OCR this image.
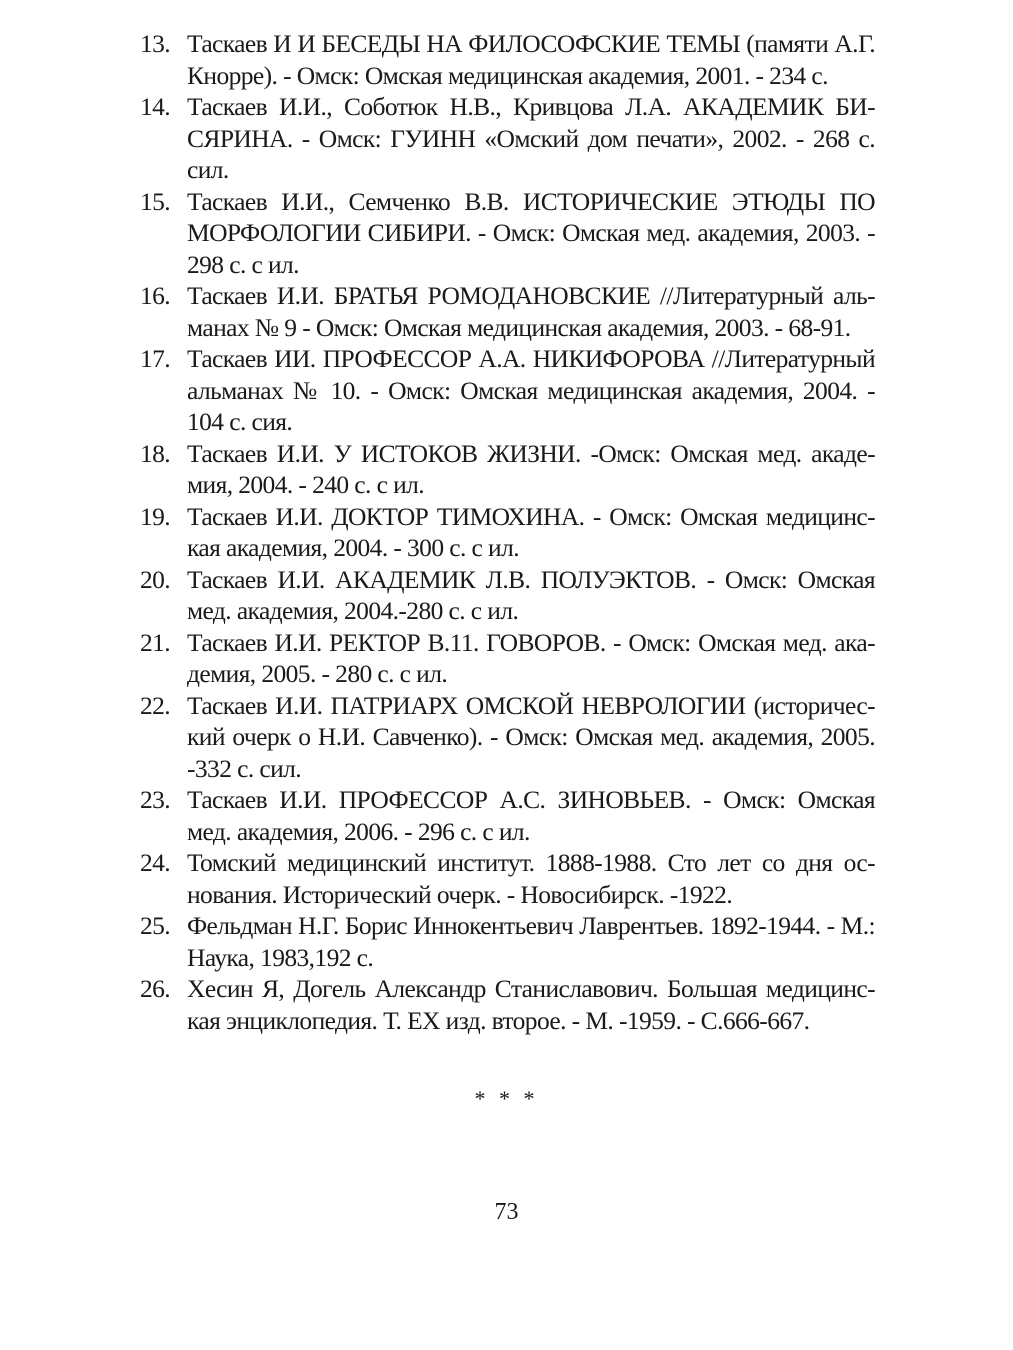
13. Таскаев И И БЕСЕДЫ НА ФИЛОСОФСКИЕ ТЕМЫ (памяти А.Г. Кнорре). - Омск: Омская медицинская академия, 2001. - 234 с.
14. Таскаев И.И., Соботюк Н.В., Кривцова Л.А. АКАДЕМИК БИ-СЯРИНА. - Омск: ГУИНН «Омский дом печати», 2002. - 268 с. сил.
15. Таскаев И.И., Семченко В.В. ИСТОРИЧЕСКИЕ ЭТЮДЫ ПО МОРФОЛОГИИ СИБИРИ. - Омск: Омская мед. академия, 2003. - 298 с. с ил.
16. Таскаев И.И. БРАТЬЯ РОМОДАНОВСКИЕ //Литературный аль-манах № 9 - Омск: Омская медицинская академия, 2003. - 68-91.
17. Таскаев ИИ. ПРОФЕССОР А.А. НИКИФОРОВА //Литературный альманах № 10. - Омск: Омская медицинская академия, 2004. - 104 с. сия.
18. Таскаев И.И. У ИСТОКОВ ЖИЗНИ. -Омск: Омская мед. акаде-мия, 2004. - 240 с. с ил.
19. Таскаев И.И. ДОКТОР ТИМОХИНА. - Омск: Омская медицинс-кая академия, 2004. - 300 с. с ил.
20. Таскаев И.И. АКАДЕМИК Л.В. ПОЛУЭКТОВ. - Омск: Омская мед. академия, 2004.-280 с. с ил.
21. Таскаев И.И. РЕКТОР В.11. ГОВОРОВ. - Омск: Омская мед. ака-демия, 2005. - 280 с. с ил.
22. Таскаев И.И. ПАТРИАРХ ОМСКОЙ НЕВРОЛОГИИ (историчес-кий очерк о Н.И. Савченко). - Омск: Омская мед. академия, 2005. -332 с. сил.
23. Таскаев И.И. ПРОФЕССОР А.С. ЗИНОВЬЕВ. - Омск: Омская мед. академия, 2006. - 296 с. с ил.
24. Томский медицинский институт. 1888-1988. Сто лет со дня ос-нования. Исторический очерк. - Новосибирск. -1922.
25. Фельдман Н.Г. Борис Иннокентьевич Лаврентьев. 1892-1944. - М.: Наука, 1983,192 с.
26. Хесин Я, Догель Александр Станиславович. Большая медицинс-кая энциклопедия. Т. ЕХ изд. второе. - М. -1959. - С.666-667.
* * *
73
